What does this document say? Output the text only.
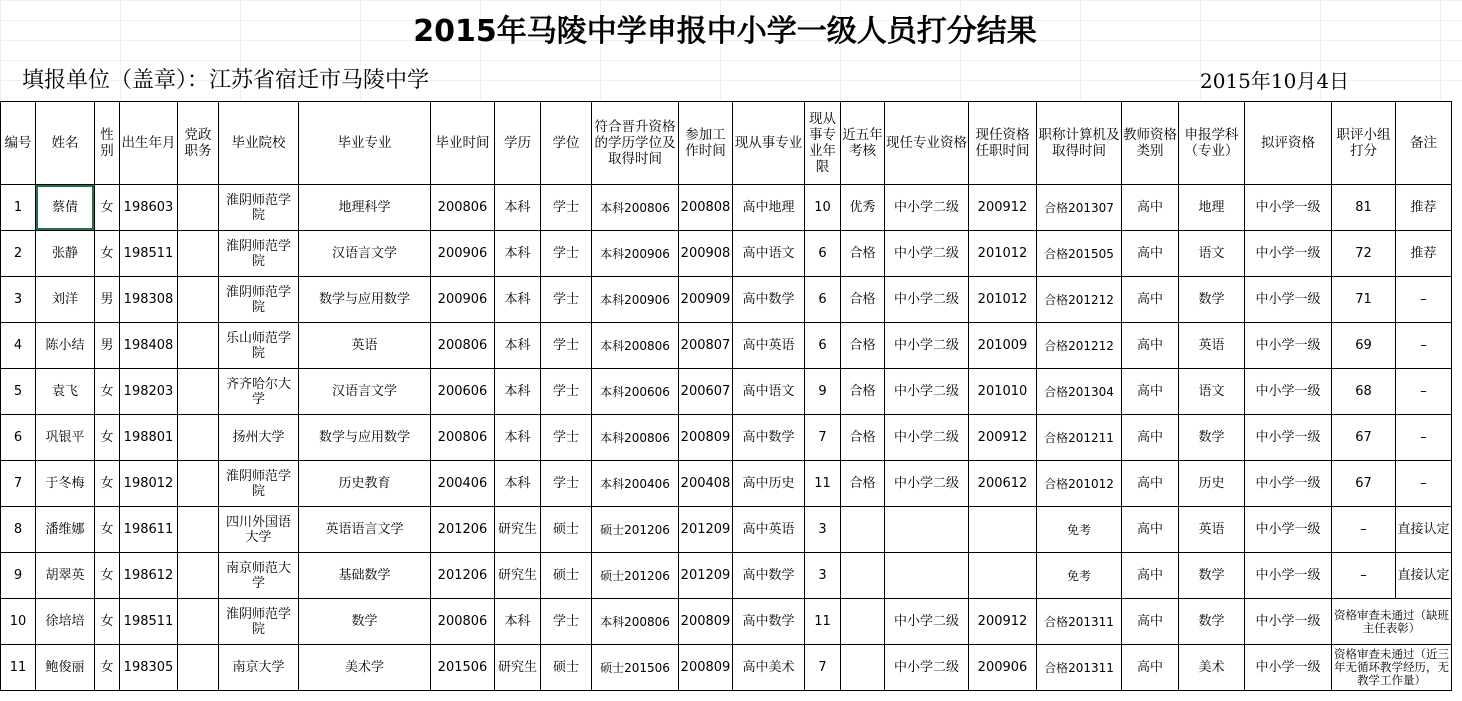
2015年马陵中学申报中小学一级人员打分结果
填报单位（盖章）：江苏省宿迁市马陵中学	2015年10月4日
编号	姓名	性别	出生年月	党政职务	毕业院校	毕业专业	毕业时间	学历	学位	符合晋升资格的学历学位及取得时间	参加工作时间	现从事专业	现从事专业年限	近五年考核	现任专业资格	现任资格任职时间	职称计算机及取得时间	教师资格类别	申报学科（专业）	拟评资格	职评小组打分	备注
1	蔡倩	女	198603		淮阴师范学院	地理科学	200806	本科	学士	本科200806	200808	高中地理	10	优秀	中小学二级	200912	合格201307	高中	地理	中小学一级	81	推荐
2	张静	女	198511		淮阴师范学院	汉语言文学	200906	本科	学士	本科200906	200908	高中语文	6	合格	中小学二级	201012	合格201505	高中	语文	中小学一级	72	推荐
3	刘洋	男	198308		淮阴师范学院	数学与应用数学	200906	本科	学士	本科200906	200909	高中数学	6	合格	中小学二级	201012	合格201212	高中	数学	中小学一级	71	–
4	陈小结	男	198408		乐山师范学院	英语	200806	本科	学士	本科200806	200807	高中英语	6	合格	中小学二级	201009	合格201212	高中	英语	中小学一级	69	–
5	袁飞	女	198203		齐齐哈尔大学	汉语言文学	200606	本科	学士	本科200606	200607	高中语文	9	合格	中小学二级	201010	合格201304	高中	语文	中小学一级	68	–
6	巩银平	女	198801		扬州大学	数学与应用数学	200806	本科	学士	本科200806	200809	高中数学	7	合格	中小学二级	200912	合格201211	高中	数学	中小学一级	67	–
7	于冬梅	女	198012		淮阴师范学院	历史教育	200406	本科	学士	本科200406	200408	高中历史	11	合格	中小学二级	200612	合格201012	高中	历史	中小学一级	67	–
8	潘维娜	女	198611		四川外国语大学	英语语言文学	201206	研究生	硕士	硕士201206	201209	高中英语	3				免考	高中	英语	中小学一级	–	直接认定
9	胡翠英	女	198612		南京师范大学	基础数学	201206	研究生	硕士	硕士201206	201209	高中数学	3				免考	高中	数学	中小学一级	–	直接认定
10	徐培培	女	198511		淮阴师范学院	数学	200806	本科	学士	本科200806	200809	高中数学	11		中小学二级	200912	合格201311	高中	数学	中小学一级	资格审查未通过（缺班主任表彰）	
11	鲍俊丽	女	198305		南京大学	美术学	201506	研究生	硕士	硕士201506	200809	高中美术	7		中小学二级	200906	合格201311	高中	美术	中小学一级	资格审查未通过（近三年无循环教学经历，无教学工作量）	
